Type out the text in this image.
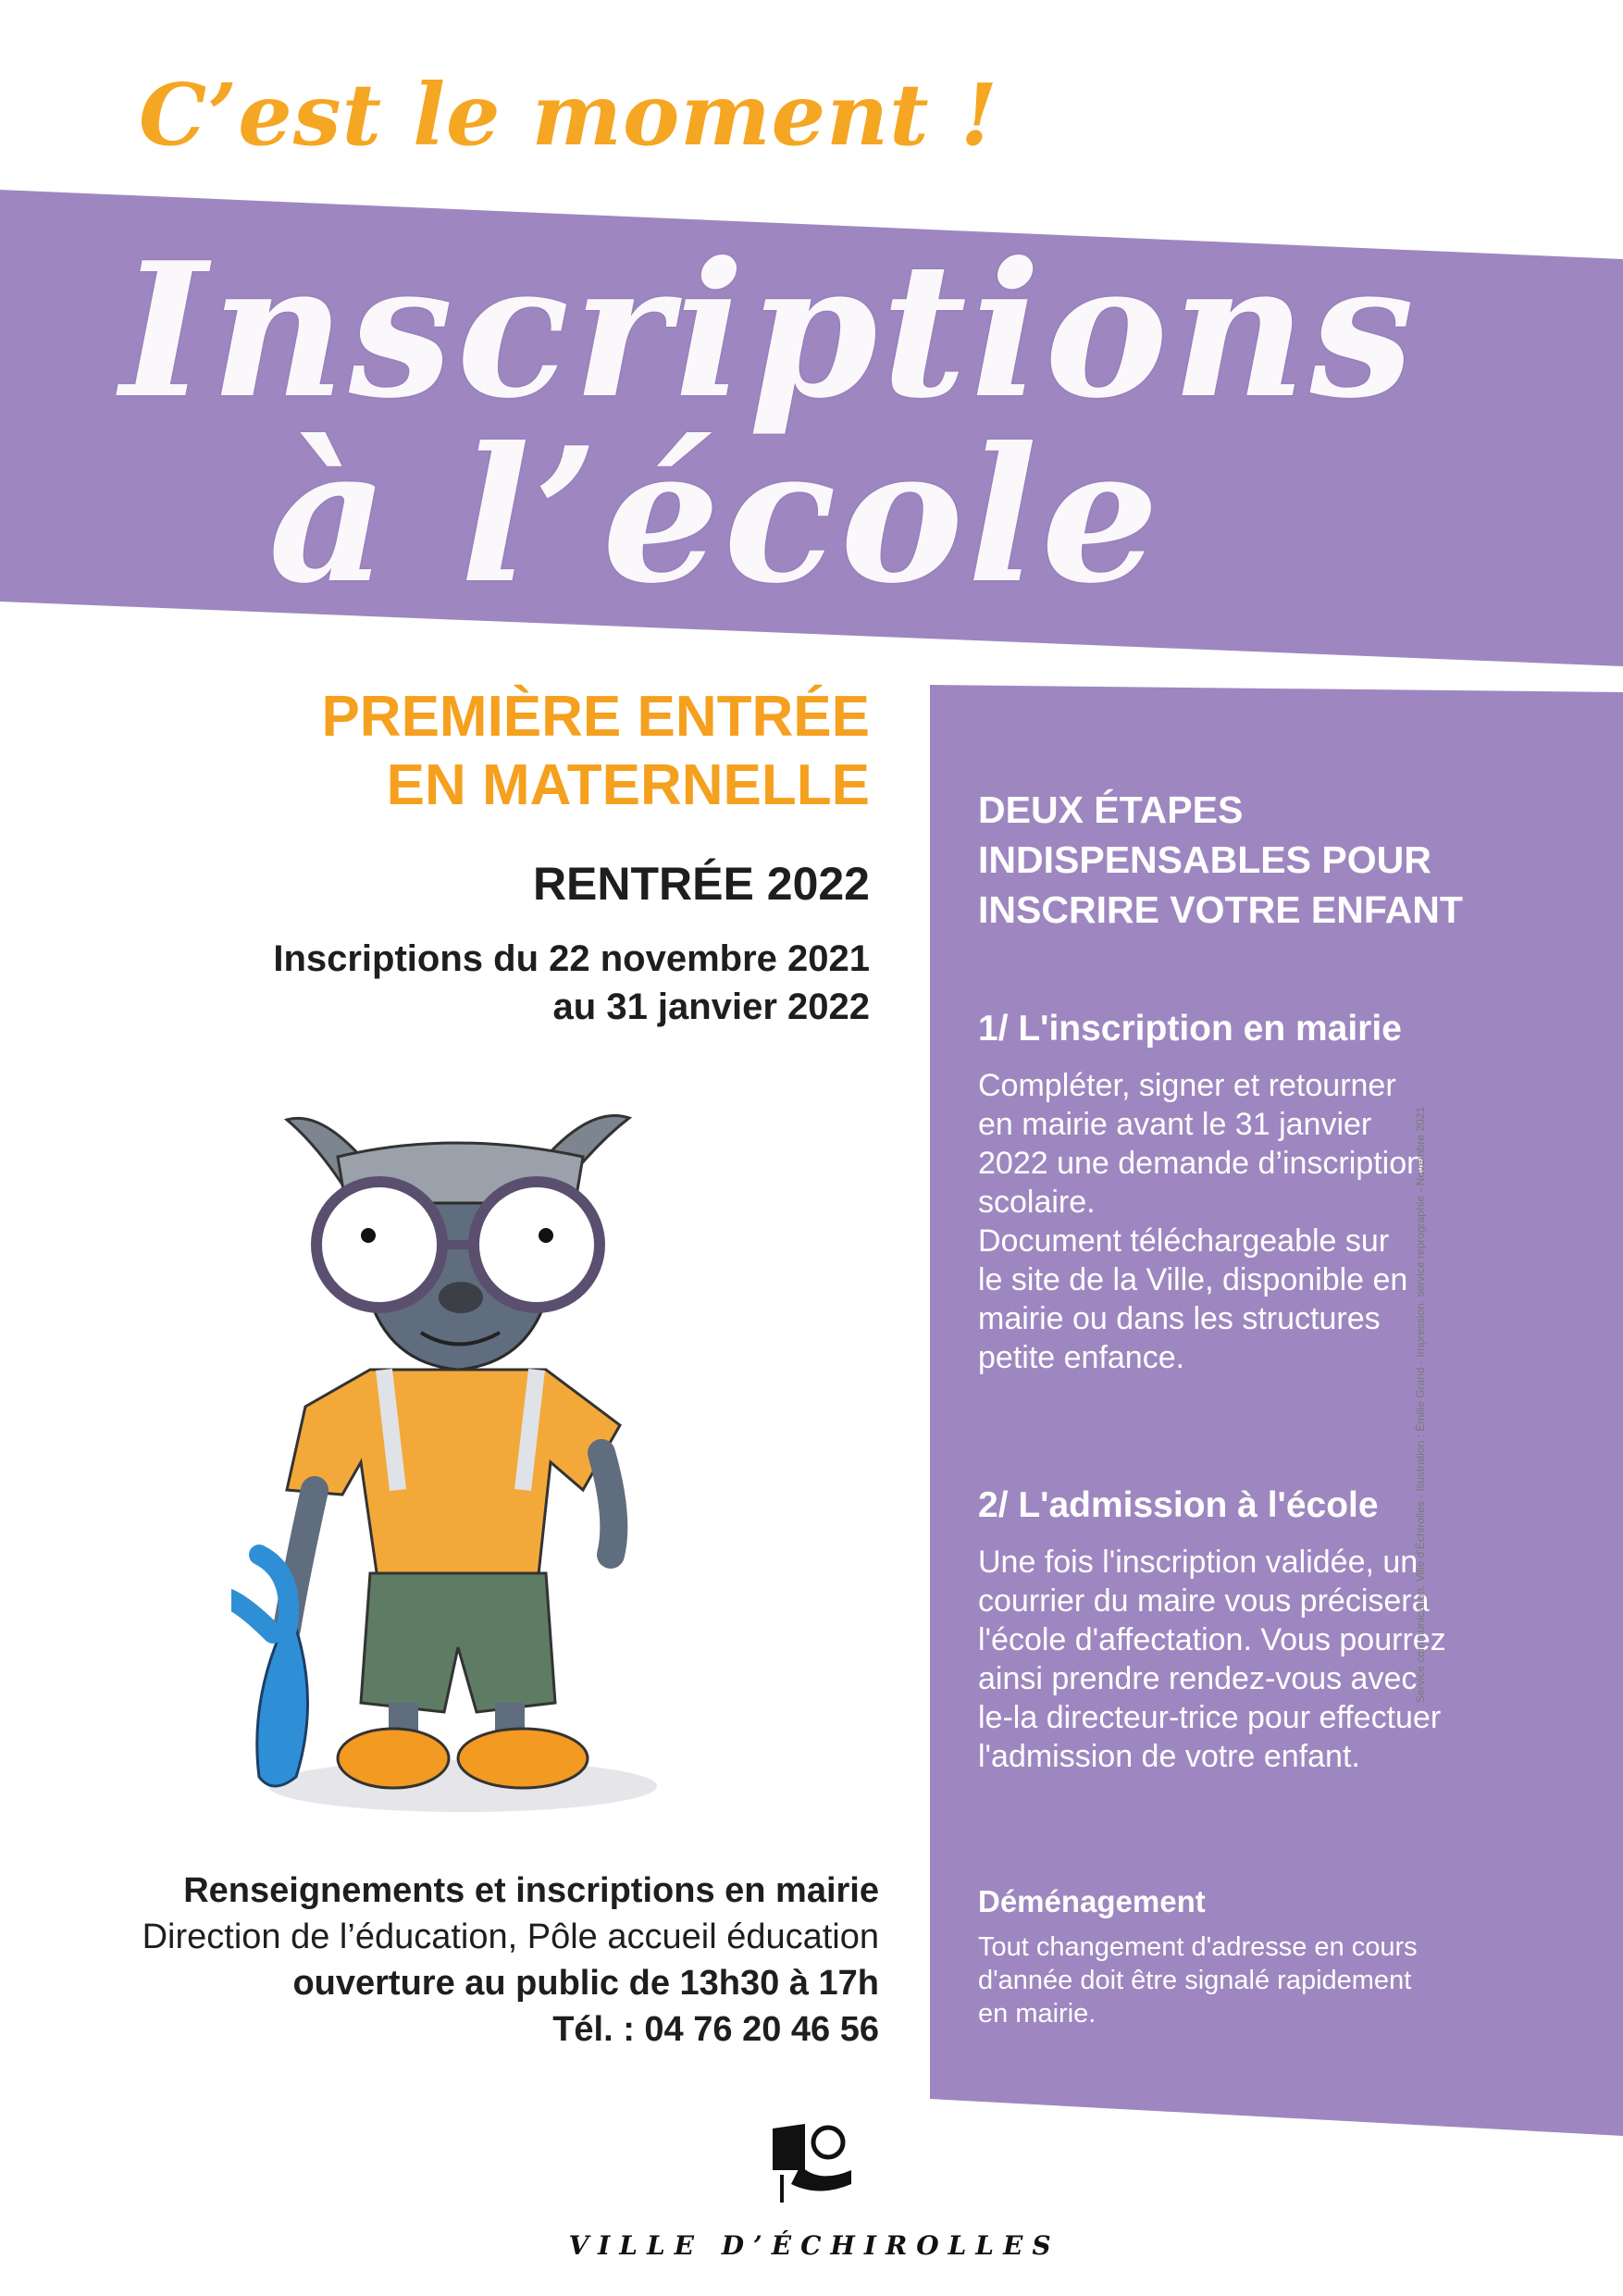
C’est le moment !
Inscriptions
à l’école
PREMIÈRE ENTRÉE
EN MATERNELLE
RENTRÉE 2022
Inscriptions du 22 novembre 2021
au 31 janvier 2022
Renseignements et inscriptions en mairie
Direction de l’éducation, Pôle accueil éducation
ouverture au public de 13h30 à 17h
Tél. : 04 76 20 46 56
DEUX ÉTAPES
INDISPENSABLES POUR
INSCRIRE VOTRE ENFANT
1/ L'inscription en mairie
Compléter, signer et retourner
en mairie avant le 31 janvier
2022 une demande d’inscription
scolaire.
Document téléchargeable sur
le site de la Ville, disponible en
mairie ou dans les structures
petite enfance.
2/ L'admission à l'école
Une fois l'inscription validée, un
courrier du maire vous précisera
l'école d'affectation. Vous pourrez
ainsi prendre rendez-vous avec
le-la directeur-trice pour effectuer
l'admission de votre enfant.
Déménagement
Tout changement d'adresse en cours
d'année doit être signalé rapidement
en mairie.
Service communication, Ville d’Échirolles - Illustration : Émilie Grand - Impression, service reprographie - Novembre 2021
VILLE D’ÉCHIROLLES
